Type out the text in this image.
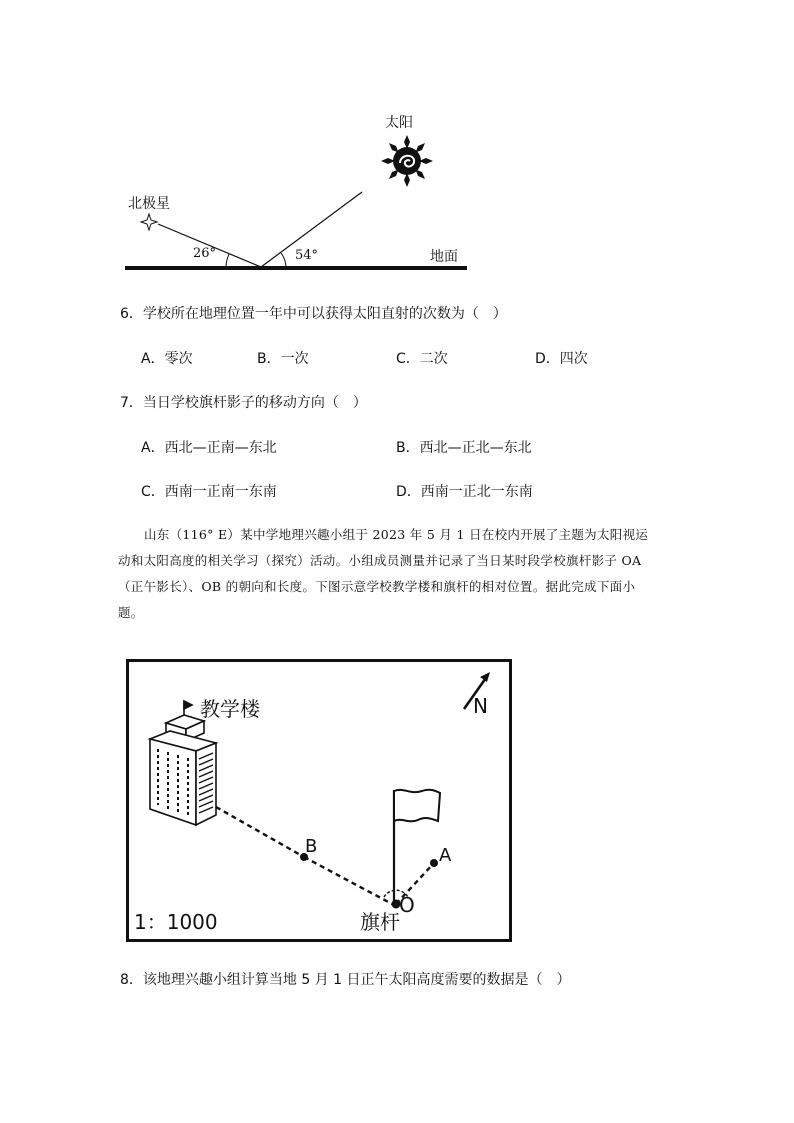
太阳
北极星
地面
26°	54°
6．学校所在地理位置一年中可以获得太阳直射的次数为（　）
A．零次	B．一次	C．二次	D．四次
7．当日学校旗杆影子的移动方向（　）
A．西北—正南—东北	B．西北—正北—东北
C．西南一正南一东南	D．西南一正北一东南
山东（116° E）某中学地理兴趣小组于 2023 年 5 月 1 日在校内开展了主题为太阳视运
动和太阳高度的相关学习（探究）活动。小组成员测量并记录了当日某时段学校旗杆影子 OA
（正午影长）、OB 的朝向和长度。下图示意学校教学楼和旗杆的相对位置。据此完成下面小
题。
教学楼	N
B	A
O
旗杆
1：1000
8．该地理兴趣小组计算当地 5 月 1 日正午太阳高度需要的数据是（　）
